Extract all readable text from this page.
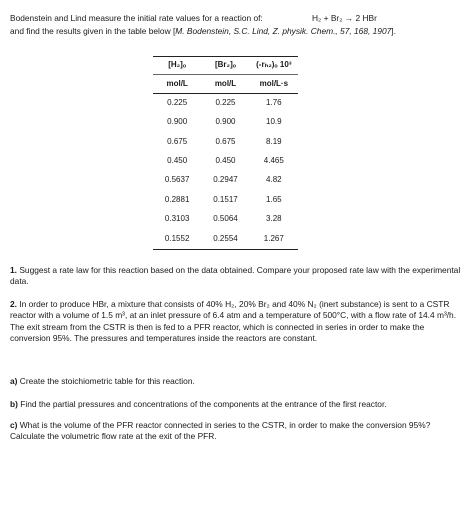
Bodenstein and Lind measure the initial rate values for a reaction of:	H₂ + Br₂ → 2 HBr
and find the results given in the table below [M. Bodenstein, S.C. Lind, Z. physik. Chem., 57, 168, 1907].
[H₂]ₒ	[Br₂]ₒ	(-rₕ₂)ₒ 10³
mol/L	mol/L	mol/L·s
0.225	0.225	1.76
0.900	0.900	10.9
0.675	0.675	8.19
0.450	0.450	4.465
0.5637	0.2947	4.82
0.2881	0.1517	1.65
0.3103	0.5064	3.28
0.1552	0.2554	1.267
1. Suggest a rate law for this reaction based on the data obtained. Compare your proposed rate law with the experimental data.
2. In order to produce HBr, a mixture that consists of 40% H₂, 20% Br₂ and 40% N₂ (inert substance) is sent to a CSTR reactor with a volume of 1.5 m³, at an inlet pressure of 6.4 atm and a temperature of 500°C, with a flow rate of 14.4 m³/h. The exit stream from the CSTR is then is fed to a PFR reactor, which is connected in series in order to make the conversion 95%. The pressures and temperatures inside the reactors are constant.
a) Create the stoichiometric table for this reaction.
b) Find the partial pressures and concentrations of the components at the entrance of the first reactor.
c) What is the volume of the PFR reactor connected in series to the CSTR, in order to make the conversion 95%? Calculate the volumetric flow rate at the exit of the PFR.
